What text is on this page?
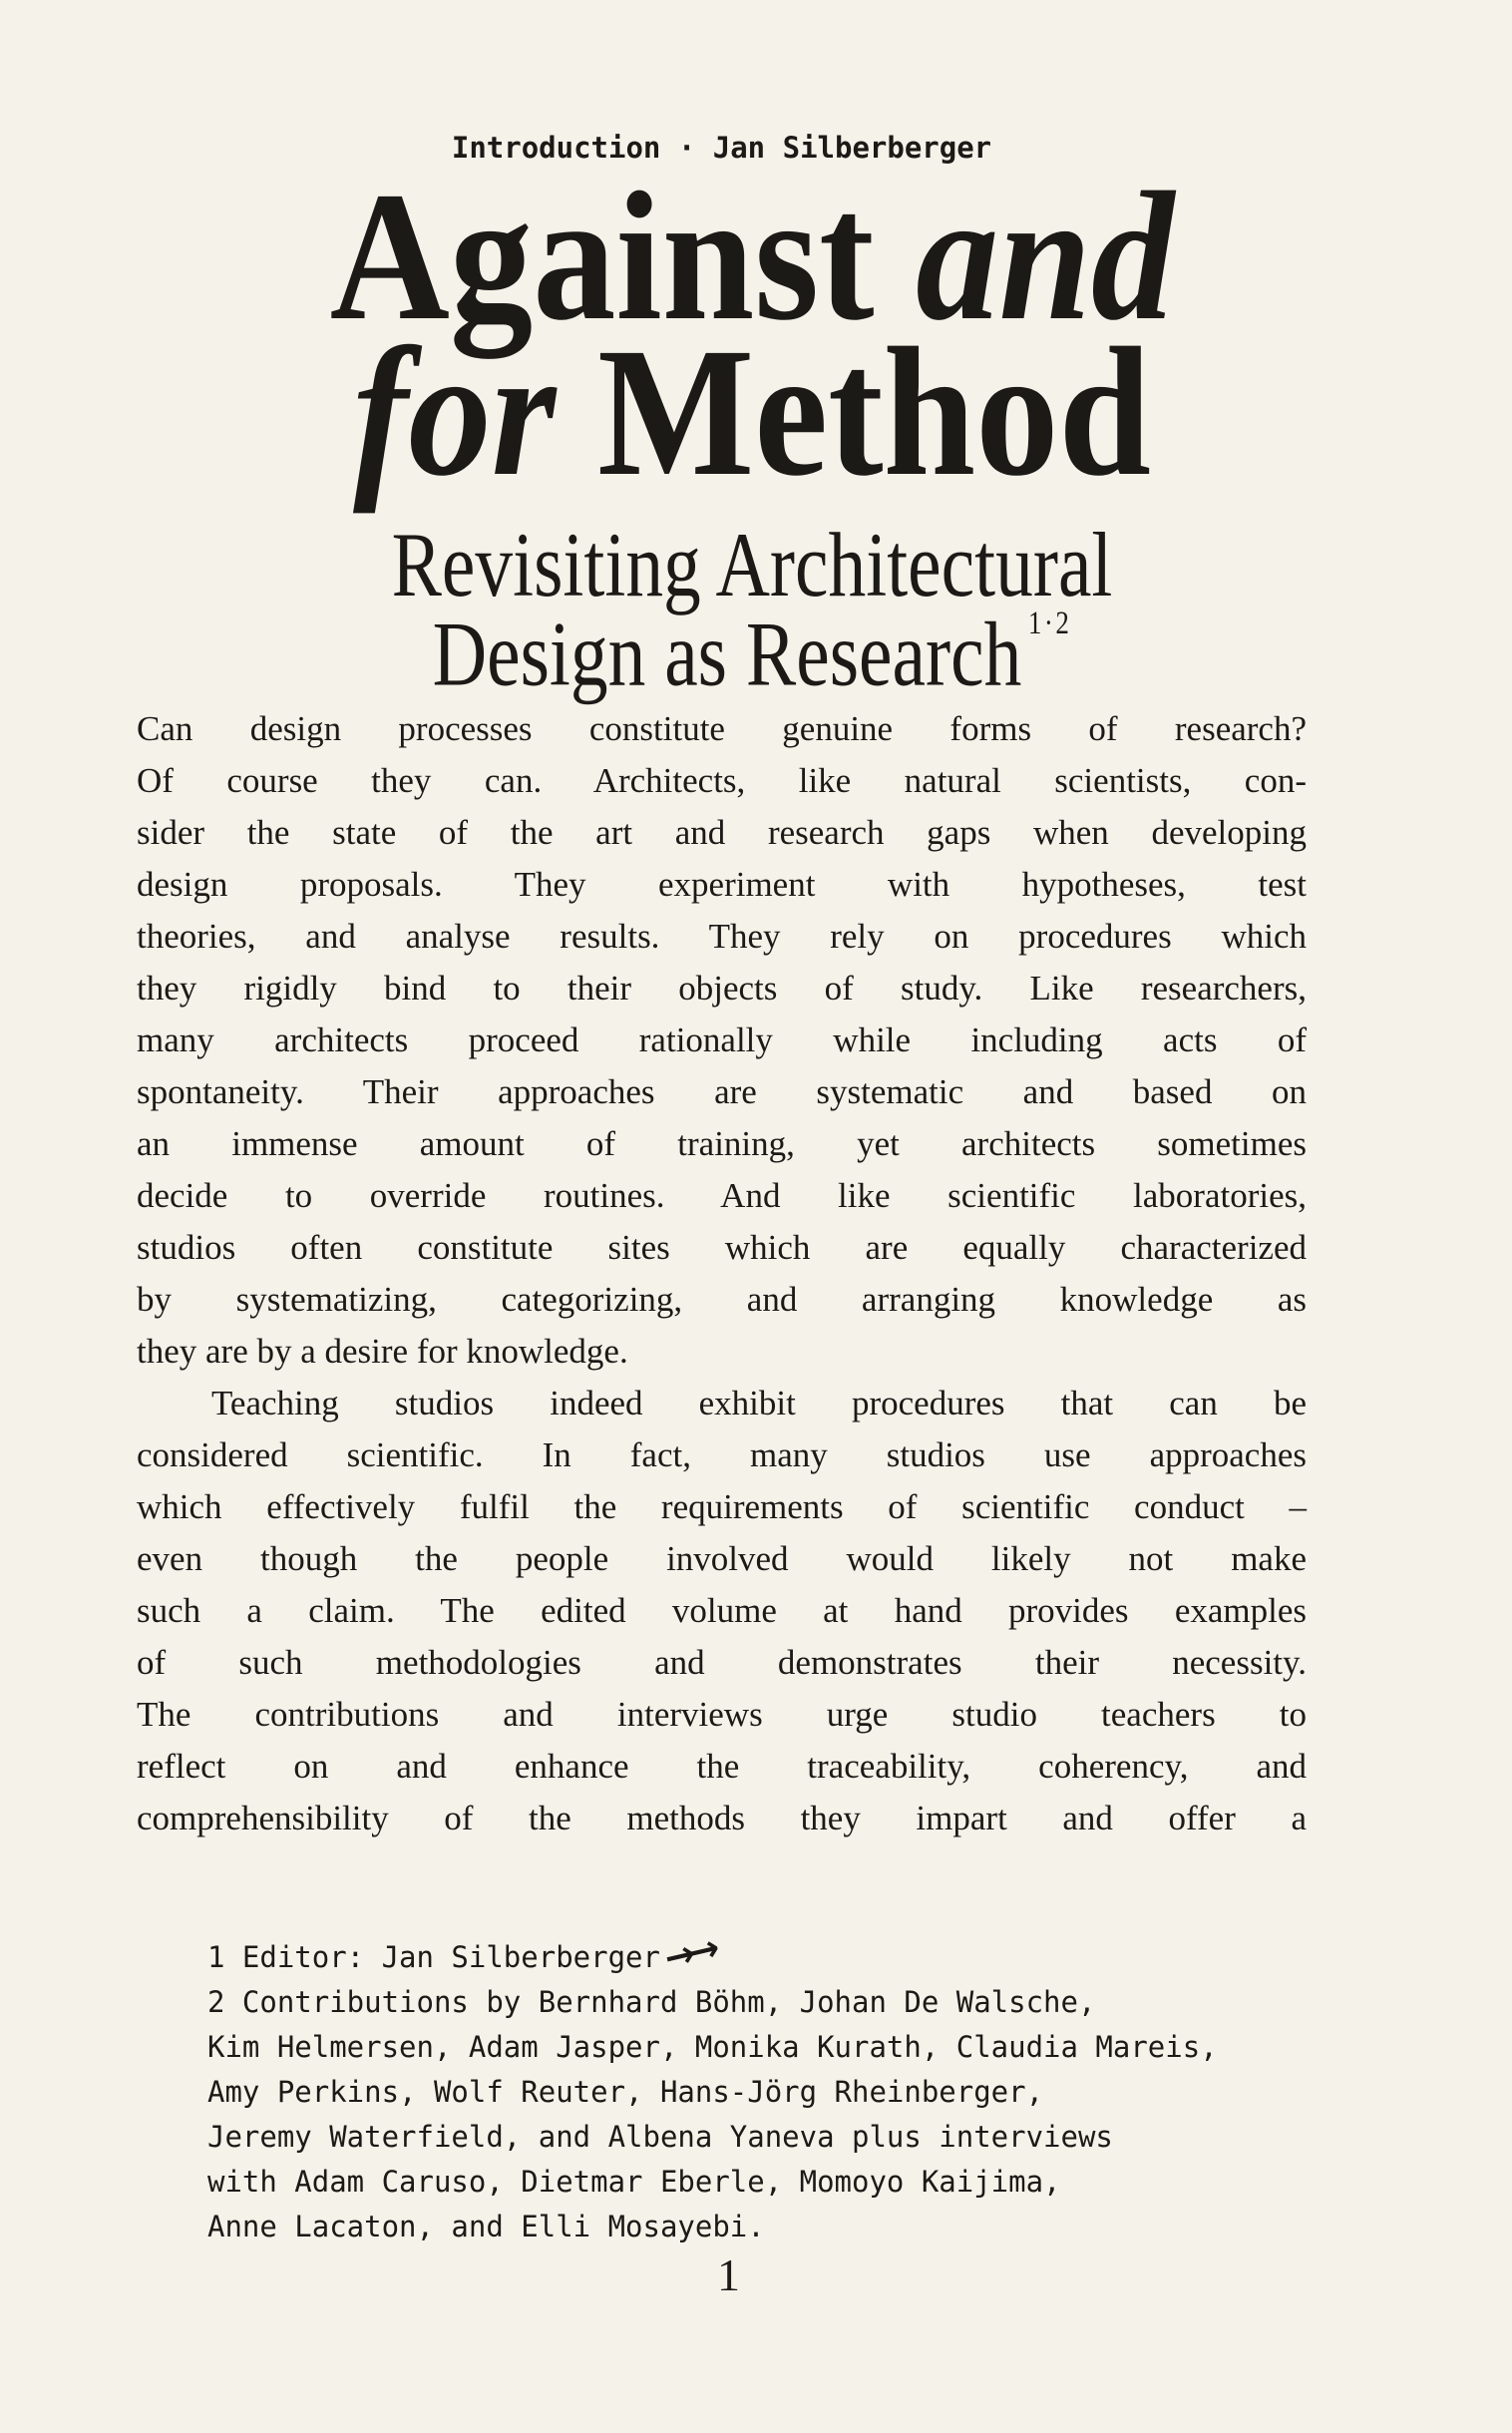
Introduction · Jan Silberberger
Against and
for Method
Revisiting Architectural
Design as Research $^{1\cdot 2}$
Can design processes constitute genuine forms of research?
Of course they can. Architects, like natural scientists, con-
sider the state of the art and research gaps when developing
design proposals. They experiment with hypotheses, test
theories, and analyse results. They rely on procedures which
they rigidly bind to their objects of study. Like researchers,
many architects proceed rationally while including acts of
spontaneity. Their approaches are systematic and based on
an immense amount of training, yet architects sometimes
decide to override routines. And like scientific laboratories,
studios often constitute sites which are equally characterized
by systematizing, categorizing, and arranging knowledge as
they are by a desire for knowledge.
Teaching studios indeed exhibit procedures that can be
considered scientific. In fact, many studios use approaches
which effectively fulfil the requirements of scientific conduct –
even though the people involved would likely not make
such a claim. The edited volume at hand provides examples
of such methodologies and demonstrates their necessity.
The contributions and interviews urge studio teachers to
reflect on and enhance the traceability, coherency, and
comprehensibility of the methods they impart and offer a
1 Editor: Jan Silberberger→→
2 Contributions by Bernhard Böhm, Johan De Walsche,
Kim Helmersen, Adam Jasper, Monika Kurath, Claudia Mareis,
Amy Perkins, Wolf Reuter, Hans-Jörg Rheinberger,
Jeremy Waterfield, and Albena Yaneva plus interviews
with Adam Caruso, Dietmar Eberle, Momoyo Kaijima,
Anne Lacaton, and Elli Mosayebi.
1
